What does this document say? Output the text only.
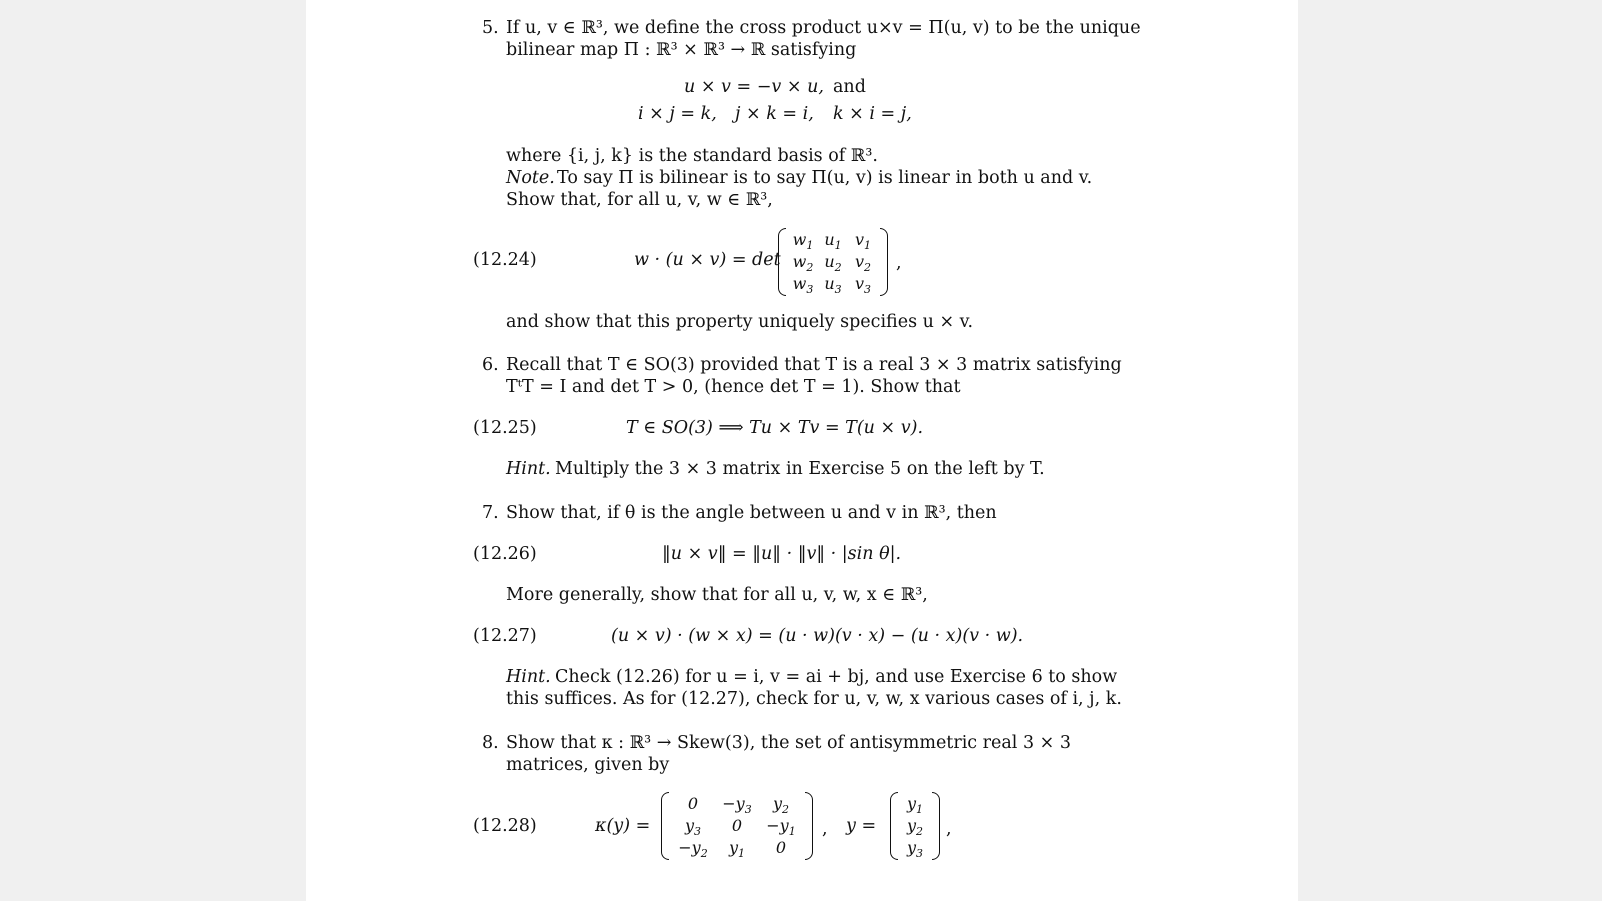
5. If u, v ∈ ℝ³, we define the cross product u×v = Π(u, v) to be the unique
bilinear map Π : ℝ³ × ℝ³ → ℝ satisfying
u × v = −v × u, and
i × j = k, j × k = i, k × i = j,
where {i, j, k} is the standard basis of ℝ³.
Note. To say Π is bilinear is to say Π(u, v) is linear in both u and v.
Show that, for all u, v, w ∈ ℝ³,
(12.24)	w · (u × v) = det
$w_1$ $u_1$ $v_1$
$w_2$ $u_2$ $v_2$
$w_3$ $u_3$ $v_3$
,
and show that this property uniquely specifies u × v.
6. Recall that T ∈ SO(3) provided that T is a real 3 × 3 matrix satisfying
TᵗT = I and det T > 0, (hence det T = 1). Show that
(12.25)	T ∈ SO(3) ⟹ Tu × Tv = T(u × v).
Hint. Multiply the 3 × 3 matrix in Exercise 5 on the left by T.
7. Show that, if θ is the angle between u and v in ℝ³, then
(12.26)	‖u × v‖ = ‖u‖ · ‖v‖ · |sin θ|.
More generally, show that for all u, v, w, x ∈ ℝ³,
(12.27)	(u × v) · (w × x) = (u · w)(v · x) − (u · x)(v · w).
Hint. Check (12.26) for u = i, v = ai + bj, and use Exercise 6 to show
this suffices. As for (12.27), check for u, v, w, x various cases of i, j, k.
8. Show that κ : ℝ³ → Skew(3), the set of antisymmetric real 3 × 3
matrices, given by
(12.28)	κ(y) =
0	$-y_3$	$y_2$
$y_3$	0	$-y_1$
$-y_2$	$y_1$	0
, y =
$y_1$
$y_2$
$y_3$
,
